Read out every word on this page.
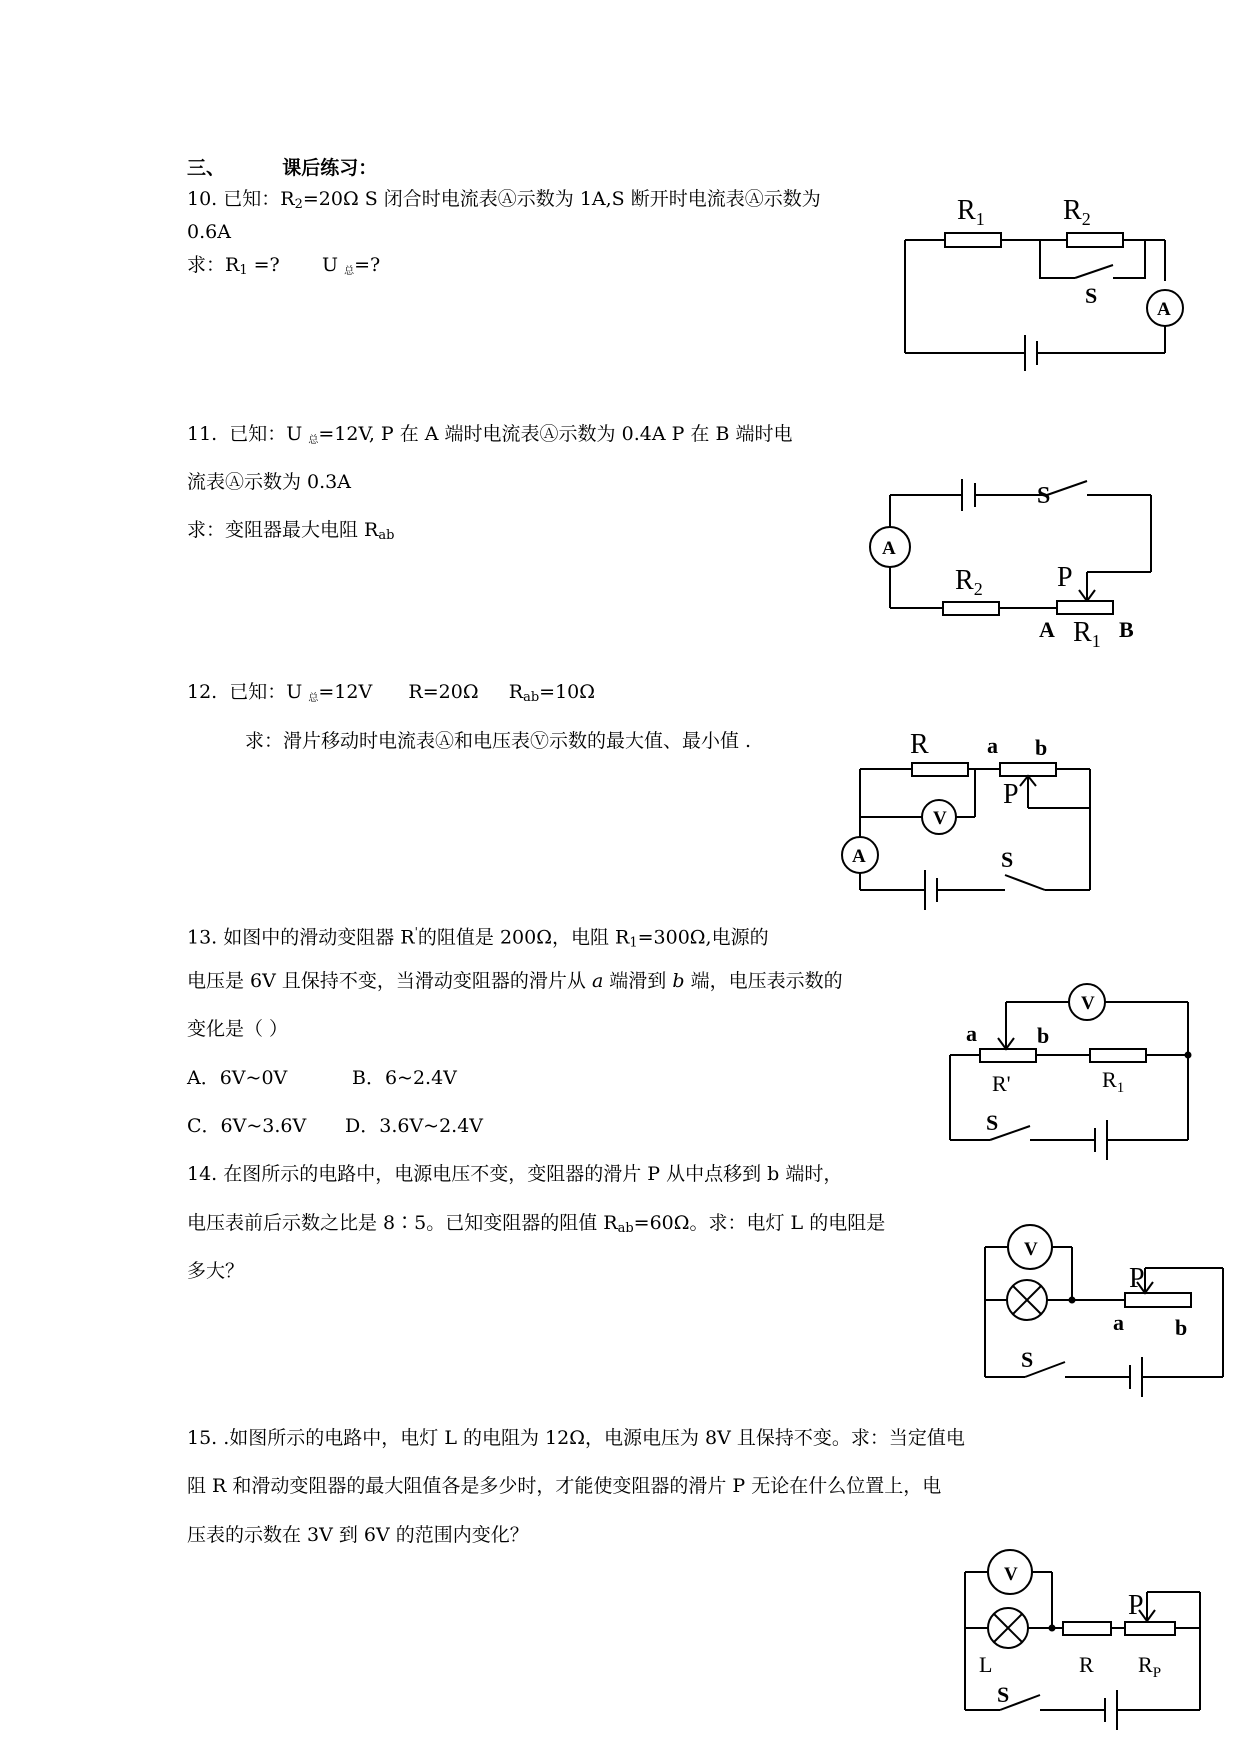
三、	课后练习：
10. 已知：$R_2=20\Omega$ S 闭合时电流表Ⓐ示数为 1A,S 断开时电流表Ⓐ示数为
0.6A
求：$R_1$ =?       U 总=?
$R_1$	$R_2$
S
A
11.  已知：U 总=12V, P 在 A 端时电流表Ⓐ示数为 0.4A P 在 B 端时电
流表Ⓐ示数为 0.3A
求：变阻器最大电阻 $R_{ab}$
S
A
$R_2$	P
A $R_1$ B
12.  已知：U 总=12V      R=20Ω     $R_{ab}=10\Omega$
求：滑片移动时电流表Ⓐ和电压表Ⓥ示数的最大值、最小值 .	R	a b
P
V
A	S
13. 如图中的滑动变阻器 R'的阻值是 200Ω，电阻 $R_1=300\Omega$,电源的
电压是 6V 且保持不变，当滑动变阻器的滑片从 a 端滑到 b 端，电压表示数的
变化是（ ）
A．6V~0V	B．6~2.4V
C．6V~3.6V D．3.6V~2.4V
V
a	b
R'	$R_1$
S
14. 在图所示的电路中，电源电压不变，变阻器的滑片 P 从中点移到 b 端时，
电压表前后示数之比是 8∶5。已知变阻器的阻值 $R_{ab}=60\Omega$。求：电灯 L 的电阻是
多大？
V
P
a b
S
15. .如图所示的电路中，电灯 L 的电阻为 12Ω，电源电压为 8V 且保持不变。求：当定值电
阻 R 和滑动变阻器的最大阻值各是多少时，才能使变阻器的滑片 P 无论在什么位置上，电
压表的示数在 3V 到 6V 的范围内变化？
V
P
L	R $R_P$
S
